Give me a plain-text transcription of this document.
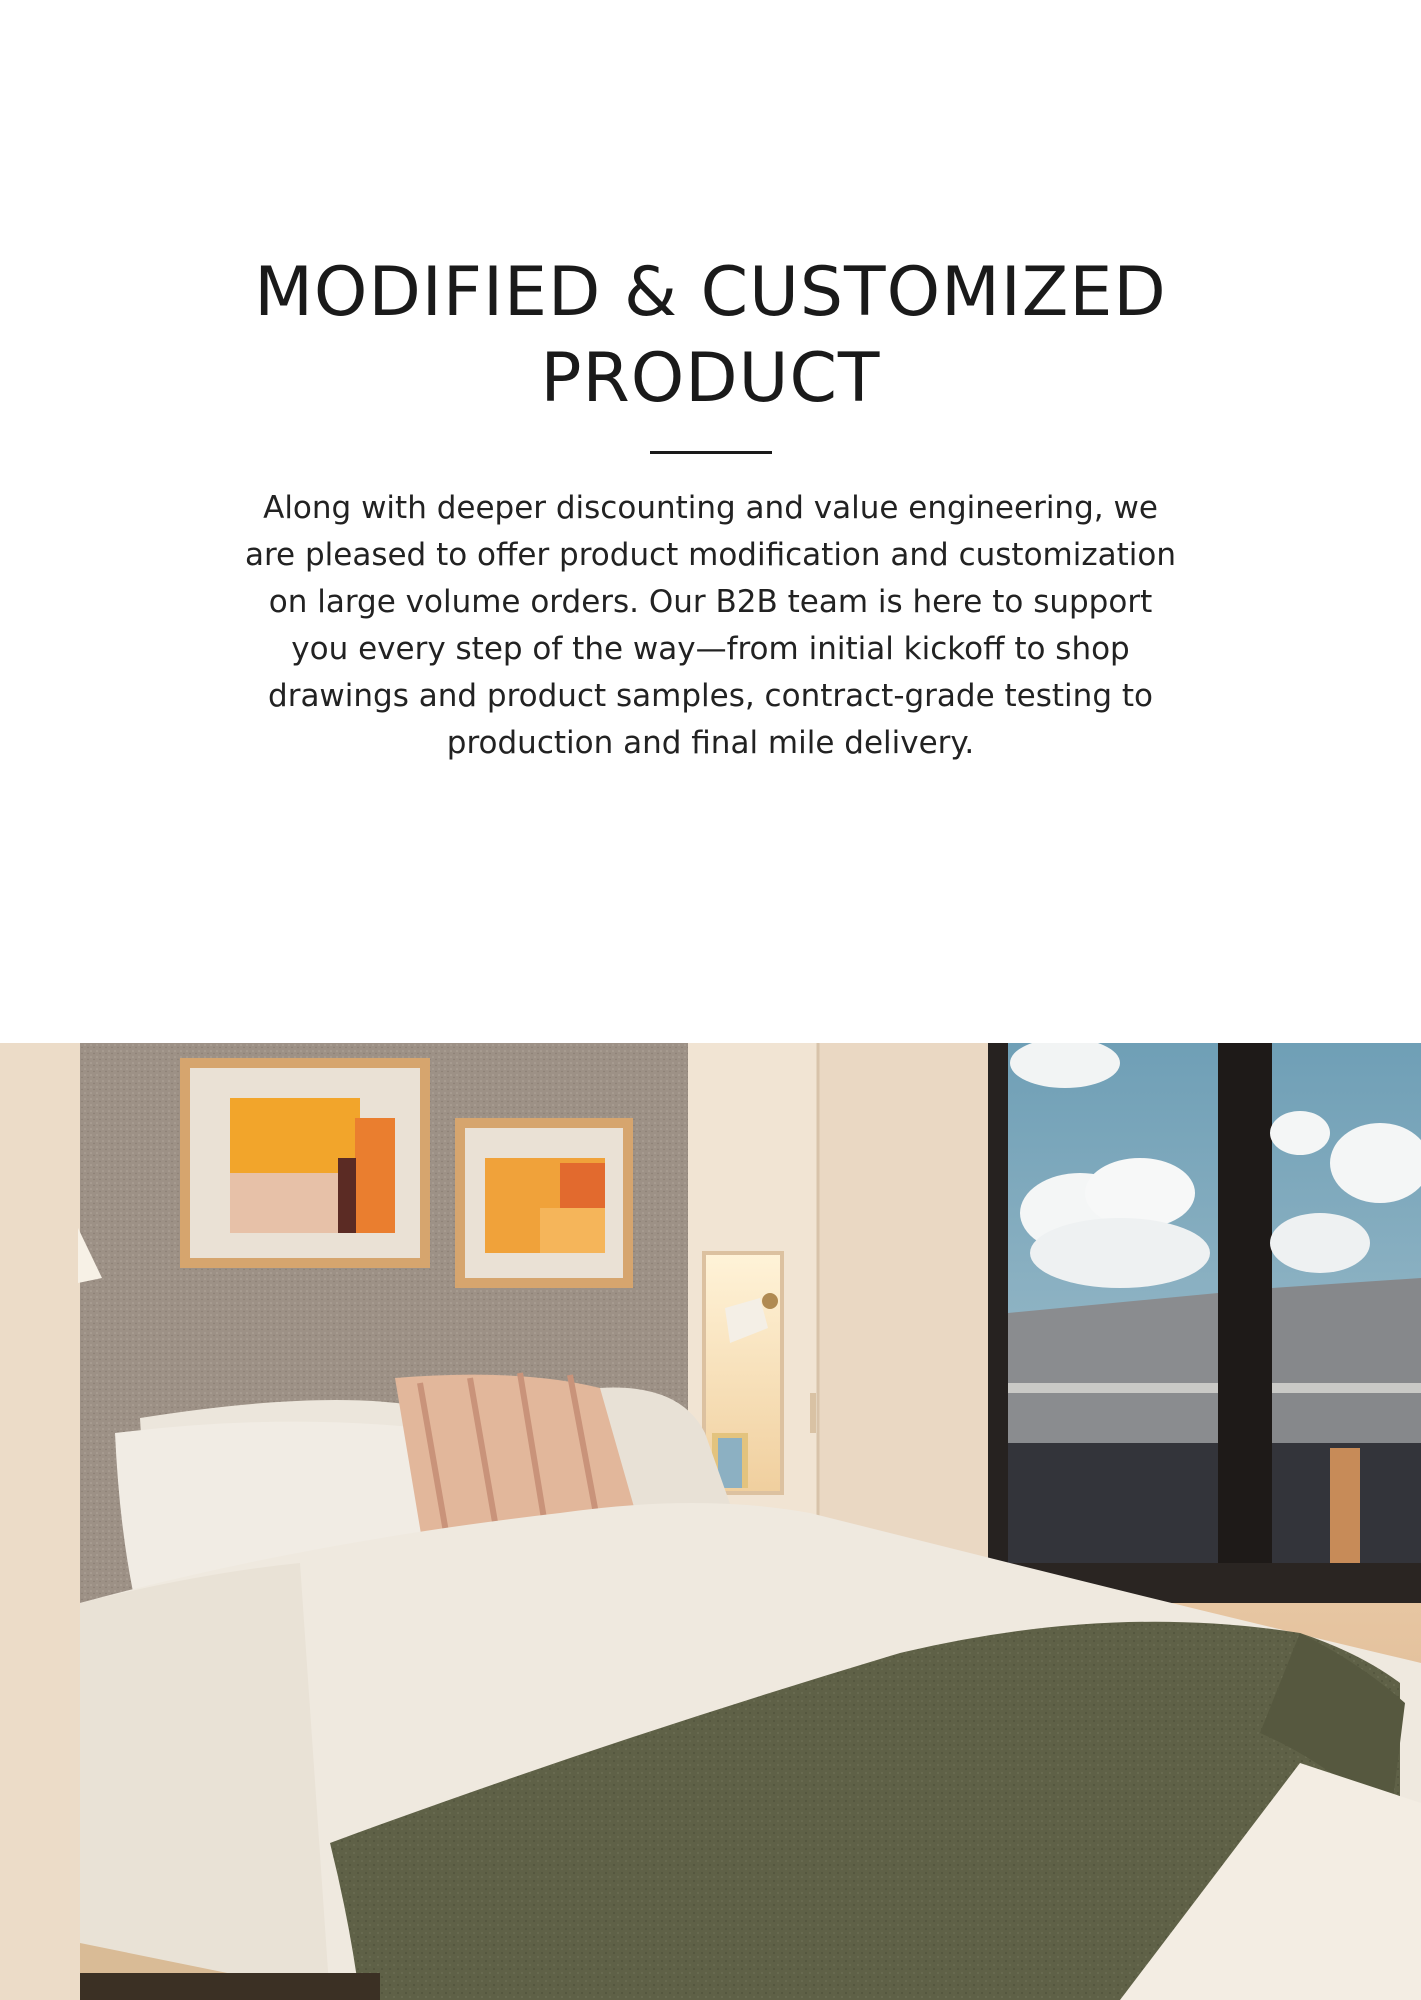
MODIFIED & CUSTOMIZED PRODUCT

Along with deeper discounting and value engineering, we are pleased to offer product modification and customization on large volume orders. Our B2B team is here to support you every step of the way—from initial kickoff to shop drawings and product samples, contract-grade testing to production and final mile delivery.
